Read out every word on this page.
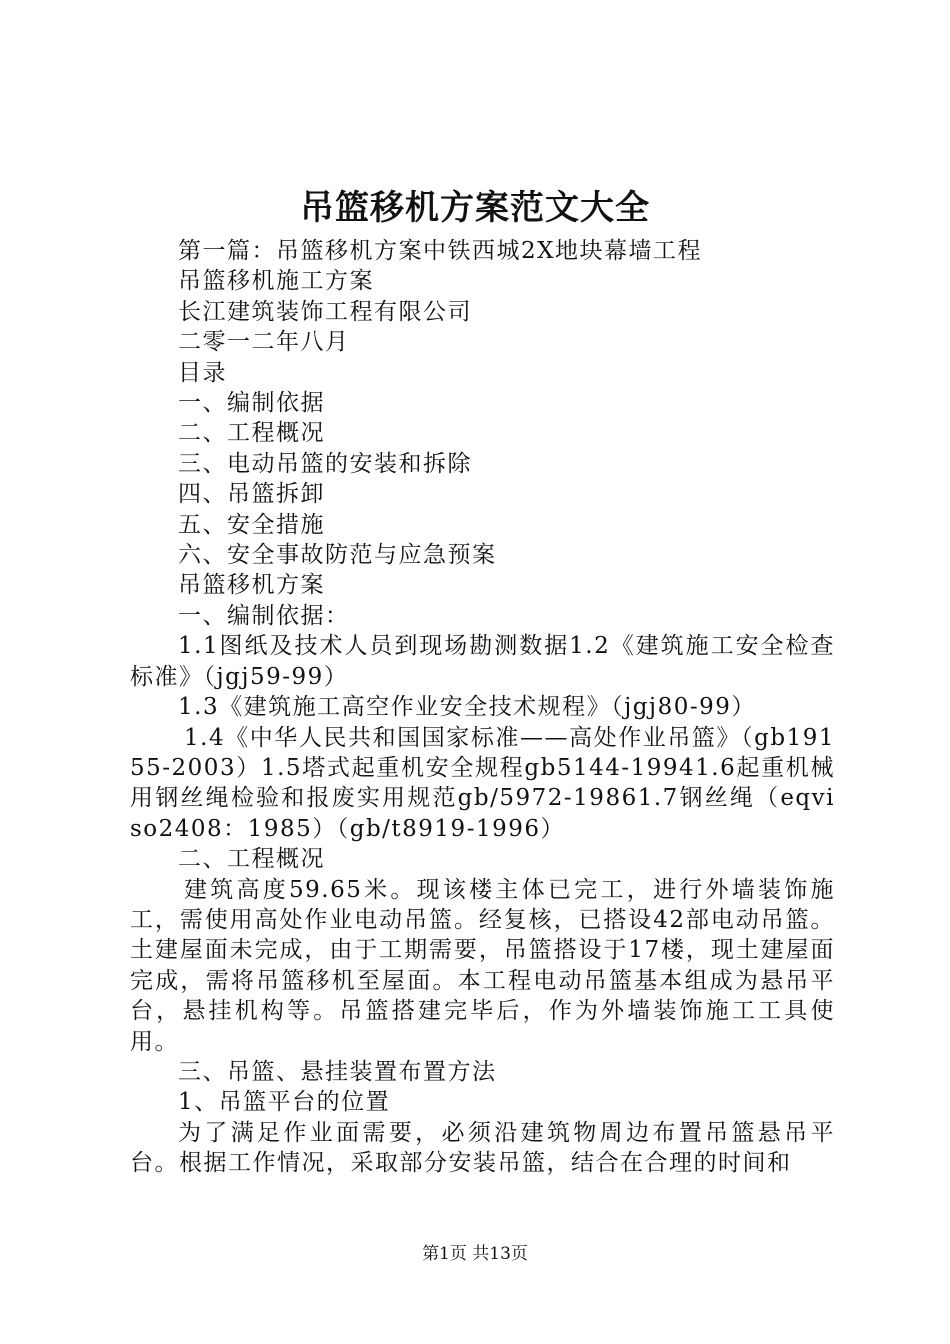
吊篮移机方案范文大全

第一篇：吊篮移机方案中铁西城2X地块幕墙工程

吊篮移机施工方案

长江建筑装饰工程有限公司

二零一二年八月

目录

一、编制依据

二、工程概况

三、电动吊篮的安装和拆除

四、吊篮拆卸

五、安全措施

六、安全事故防范与应急预案

吊篮移机方案

一、编制依据：

1.1图纸及技术人员到现场勘测数据1.2《建筑施工安全检查标准》（jgj59-99）

1.3《建筑施工高空作业安全技术规程》（jgj80-99）

1.4《中华人民共和国国家标准——高处作业吊篮》（gb19155-2003）1.5塔式起重机安全规程gb5144-19941.6起重机械用钢丝绳检验和报废实用规范gb/5972-19861.7钢丝绳（eqviso2408：1985）（gb/t8919-1996）

二、工程概况

建筑高度59.65米。现该楼主体已完工，进行外墙装饰施工，需使用高处作业电动吊篮。经复核，已搭设42部电动吊篮。土建屋面未完成，由于工期需要，吊篮搭设于17楼，现土建屋面完成，需将吊篮移机至屋面。本工程电动吊篮基本组成为悬吊平台，悬挂机构等。吊篮搭建完毕后，作为外墙装饰施工工具使用。

三、吊篮、悬挂装置布置方法

1、吊篮平台的位置

为了满足作业面需要，必须沿建筑物周边布置吊篮悬吊平台。根据工作情况，采取部分安装吊篮，结合在合理的时间和

第1页 共13页
